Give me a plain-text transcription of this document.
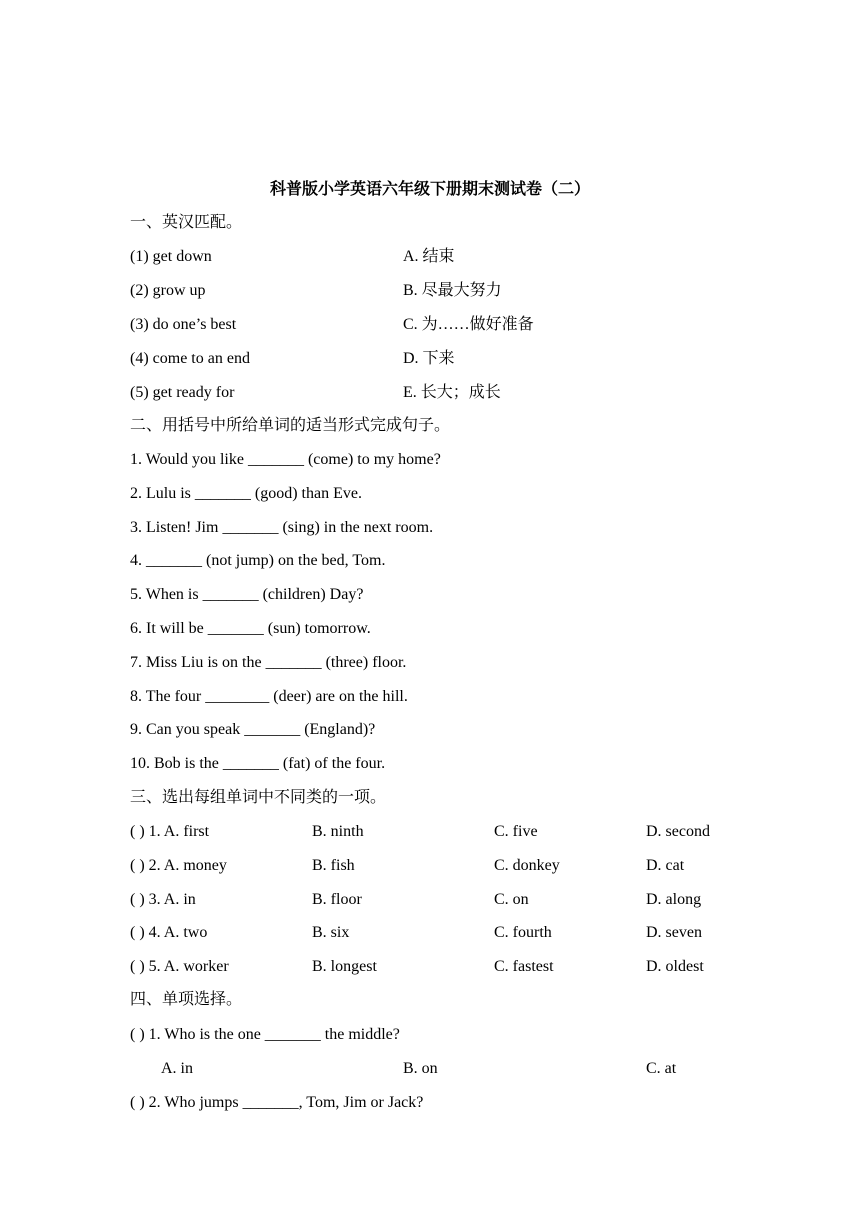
科普版小学英语六年级下册期末测试卷（二）
一、英汉匹配。
(1) get down	A. 结束
(2) grow up	B. 尽最大努力
(3) do one’s best	C. 为……做好准备
(4) come to an end	D. 下来
(5) get ready for	E. 长大；成长
二、用括号中所给单词的适当形式完成句子。
1. Would you like _______ (come) to my home?
2. Lulu is _______ (good) than Eve.
3. Listen! Jim _______ (sing) in the next room.
4. _______ (not jump) on the bed, Tom.
5. When is _______ (children) Day?
6. It will be _______ (sun) tomorrow.
7. Miss Liu is on the _______ (three) floor.
8. The four ________ (deer) are on the hill.
9. Can you speak _______ (England)?
10. Bob is the _______ (fat) of the four.
三、选出每组单词中不同类的一项。
( ) 1. A. first	B. ninth	C. five	D. second
( ) 2. A. money	B. fish	C. donkey	D. cat
( ) 3. A. in	B. floor	C. on	D. along
( ) 4. A. two	B. six	C. fourth	D. seven
( ) 5. A. worker	B. longest	C. fastest	D. oldest
四、单项选择。
( ) 1. Who is the one _______ the middle?
A. in	B. on	C. at
( ) 2. Who jumps _______, Tom, Jim or Jack?
